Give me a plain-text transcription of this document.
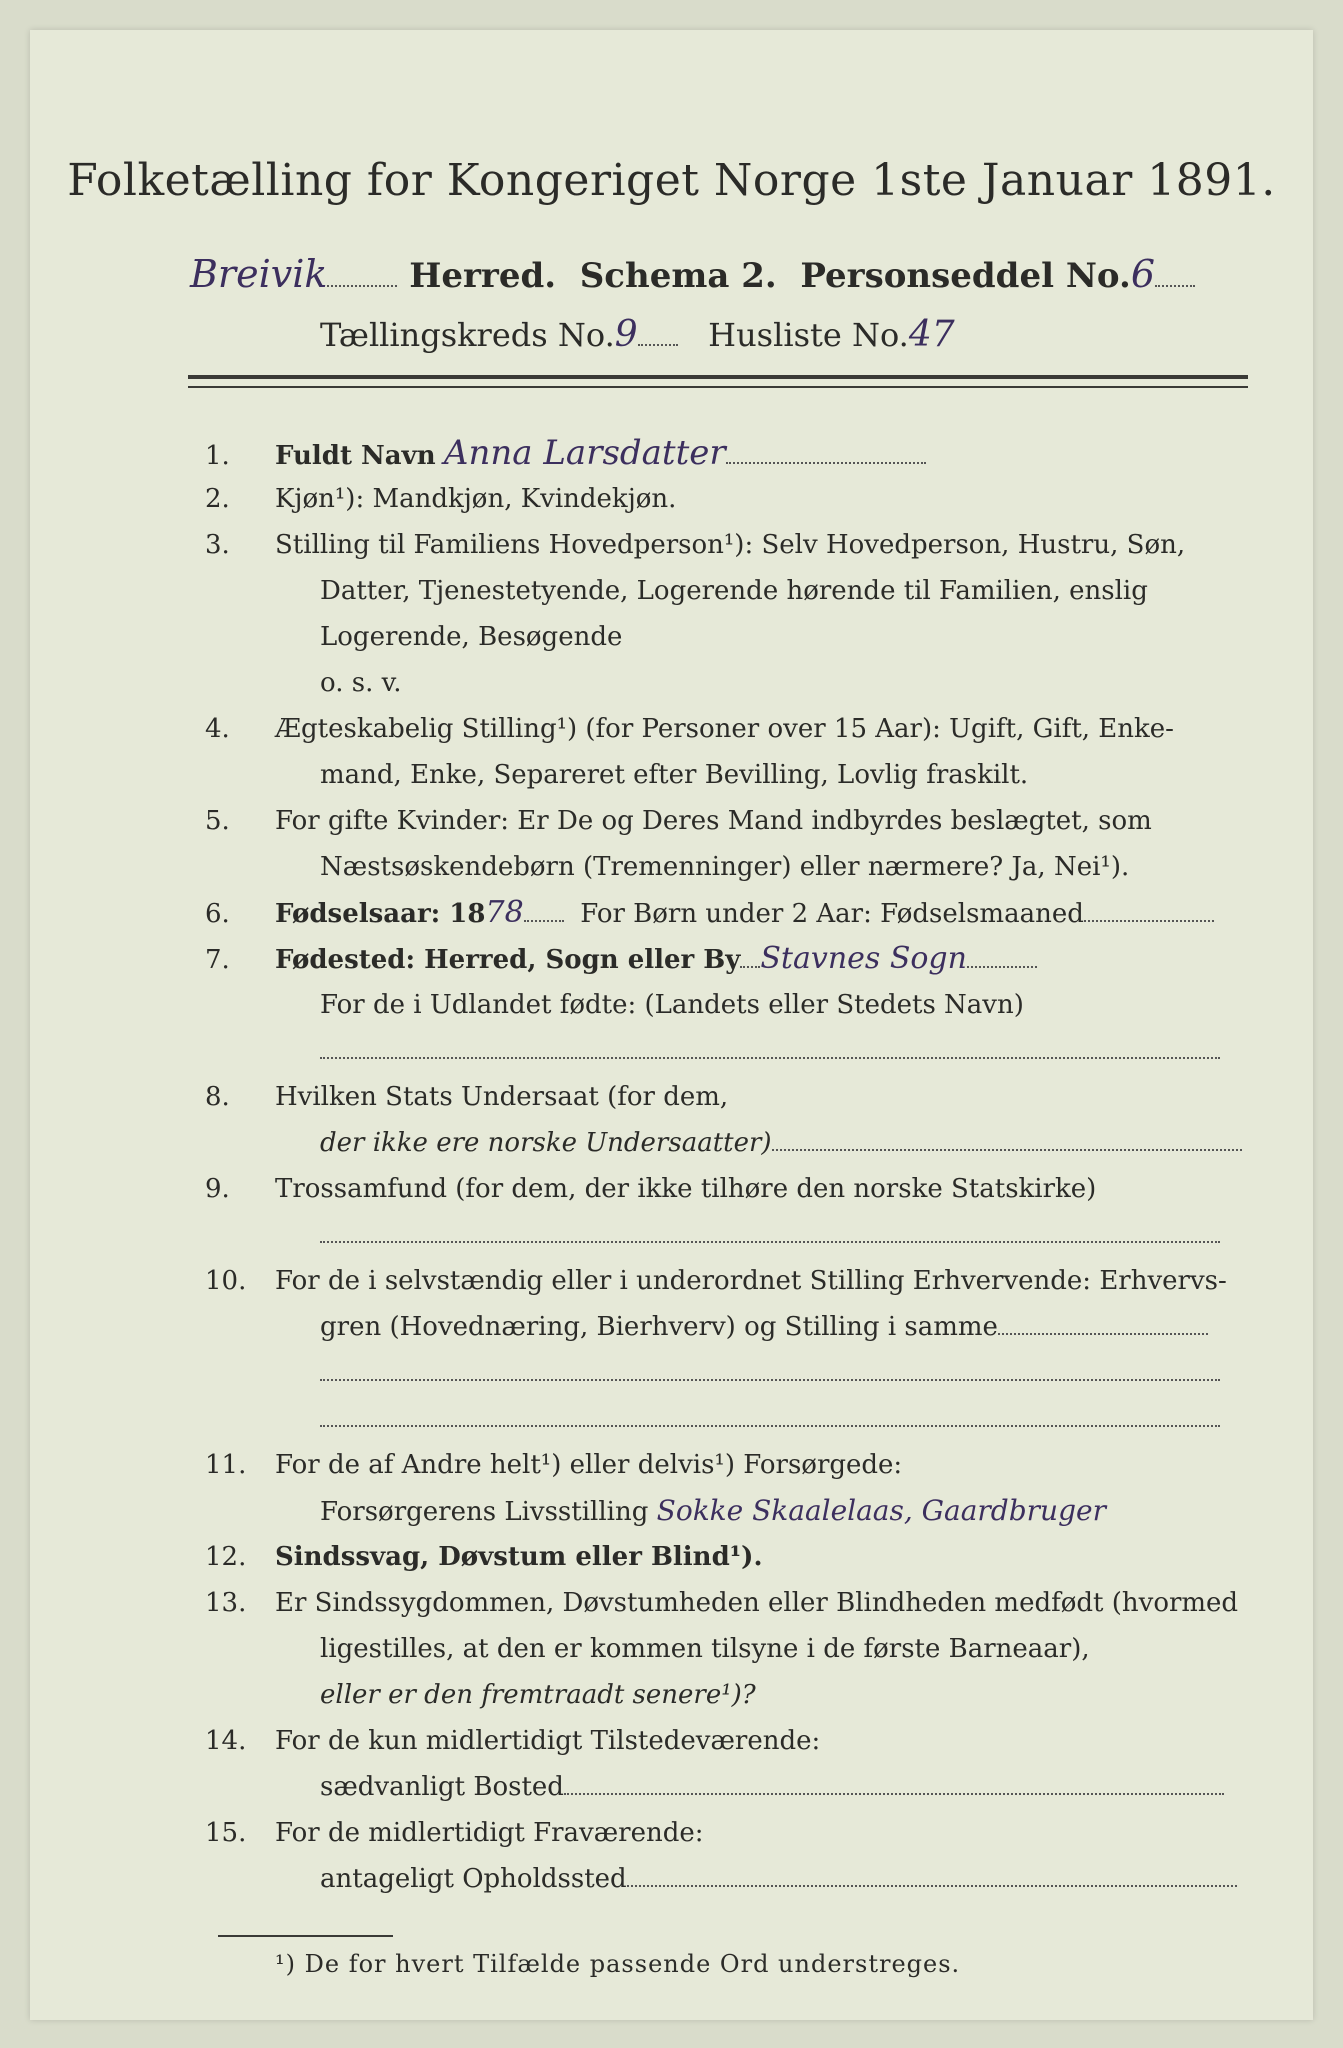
Folketælling for Kongeriget Norge 1ste Januar 1891.
Breivik Herred. Schema 2. Personseddel No.6
Tællingskreds No.9 Husliste No.47
1. Fuldt Navn Anna Larsdatter
2. Kjøn¹): Mandkjøn, Kvindekjøn.
3. Stilling til Familiens Hovedperson¹): Selv Hovedperson, Hustru, Søn,
Datter, Tjenestetyende, Logerende hørende til Familien, enslig
Logerende, Besøgende
o. s. v.
4. Ægteskabelig Stilling¹) (for Personer over 15 Aar): Ugift, Gift, Enke-
mand, Enke, Separeret efter Bevilling, Lovlig fraskilt.
5. For gifte Kvinder: Er De og Deres Mand indbyrdes beslægtet, som
Næstsøskendebørn (Tremenninger) eller nærmere? Ja, Nei¹).
6. Fødselsaar: 1878 For Børn under 2 Aar: Fødselsmaaned
7. Fødested: Herred, Sogn eller By Stavnes Sogn
For de i Udlandet fødte: (Landets eller Stedets Navn)
8. Hvilken Stats Undersaat (for dem,
der ikke ere norske Undersaatter)
9. Trossamfund (for dem, der ikke tilhøre den norske Statskirke)
10. For de i selvstændig eller i underordnet Stilling Erhvervende: Erhvervs-
gren (Hovednæring, Bierhverv) og Stilling i samme
11. For de af Andre helt¹) eller delvis¹) Forsørgede:
Forsørgerens Livsstilling Sokke Skaalelaas, Gaardbruger
12. Sindssvag, Døvstum eller Blind¹).
13. Er Sindssygdommen, Døvstumheden eller Blindheden medfødt (hvormed
ligestilles, at den er kommen tilsyne i de første Barneaar),
eller er den fremtraadt senere¹)?
14. For de kun midlertidigt Tilstedeværende:
sædvanligt Bosted
15. For de midlertidigt Fraværende:
antageligt Opholdssted
¹) De for hvert Tilfælde passende Ord understreges.
